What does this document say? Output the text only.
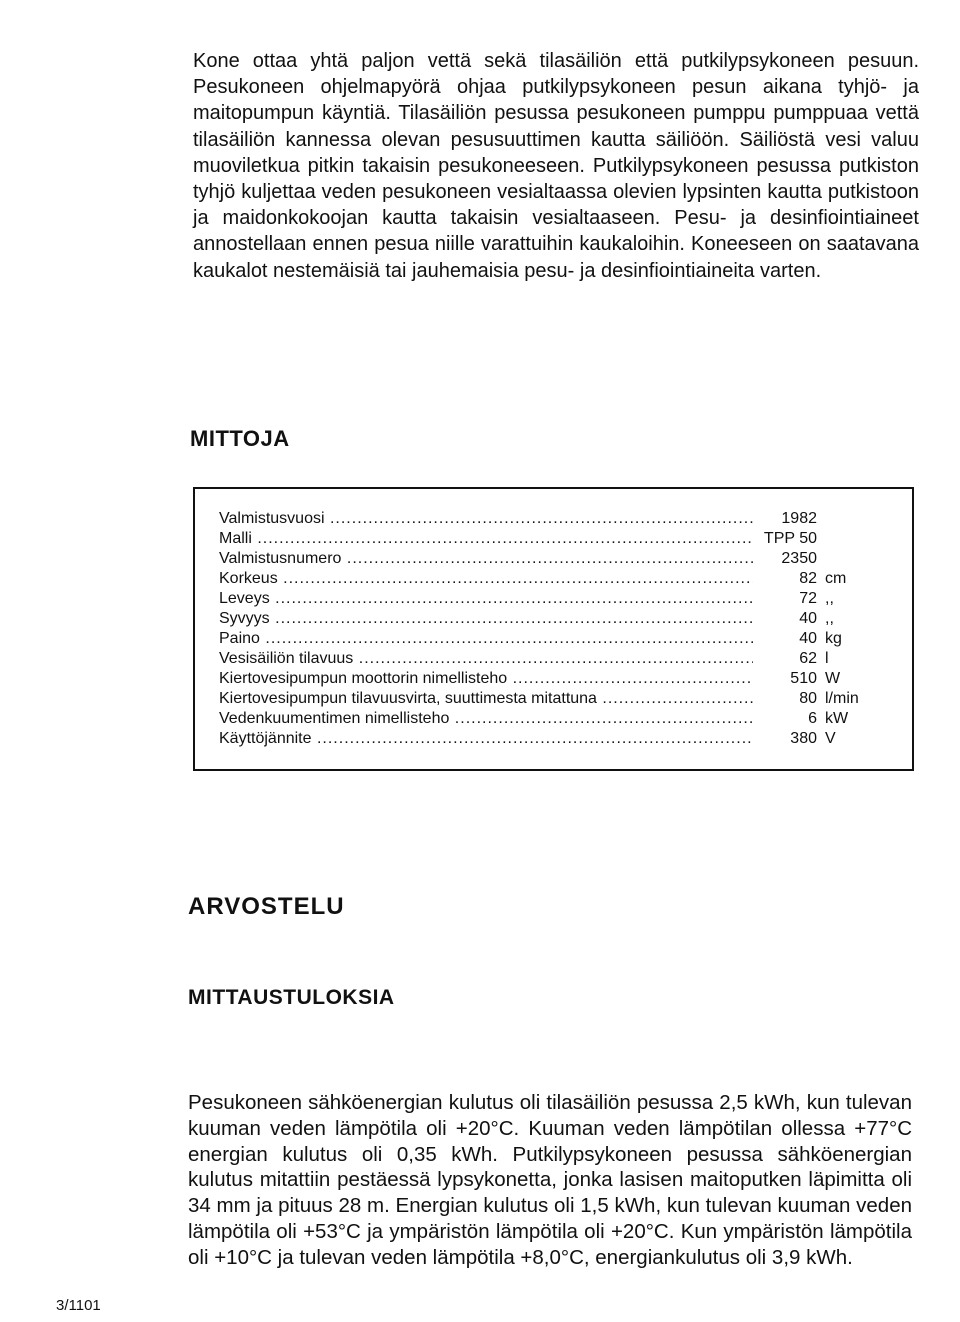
Kone ottaa yhtä paljon vettä sekä tilasäiliön että putkilypsykoneen pesuun. Pesukoneen ohjelmapyörä ohjaa putkilypsykoneen pesun aikana tyhjö- ja maitopumpun käyntiä. Tilasäiliön pesussa pesukoneen pumppu pumppuaa vettä tilasäiliön kannessa olevan pesusuuttimen kautta säiliöön. Säiliöstä vesi valuu muoviletkua pitkin takaisin pesukoneeseen. Putkilypsykoneen pesussa putkiston tyhjö kuljettaa veden pesukoneen vesialtaassa olevien lypsinten kautta putkistoon ja maidonkokoojan kautta takaisin vesialtaaseen. Pesu- ja desinfiointiaineet annostellaan ennen pesua niille varattuihin kaukaloihin. Koneeseen on saatavana kaukalot nestemäisiä tai jauhemaisia pesu- ja desinfiointiaineita varten.

MITTOJA
Valmistusvuosi .....	1982
Malli .....	TPP 50
Valmistusnumero .....	2350
Korkeus .....	82 cm
Leveys .....	72 ,,
Syvyys .....	40 ,,
Paino .....	40 kg
Vesisäiliön tilavuus .....	62 l
Kiertovesipumpun moottorin nimellisteho .....	510 W
Kiertovesipumpun tilavuusvirta, suuttimesta mitattuna .....	80 l/min
Vedenkuumentimen nimellisteho .....	6 kW
Käyttöjännite .....	380 V
ARVOSTELU
MITTAUSTULOKSIA

Pesukoneen sähköenergian kulutus oli tilasäiliön pesussa 2,5 kWh, kun tulevan kuuman veden lämpötila oli +20°C. Kuuman veden lämpötilan ollessa +77°C energian kulutus oli 0,35 kWh. Putkilypsykoneen pesussa sähköenergian kulutus mitattiin pestäessä lypsykonetta, jonka lasisen maitoputken läpimitta oli 34 mm ja pituus 28 m. Energian kulutus oli 1,5 kWh, kun tulevan kuuman veden lämpötila oli +53°C ja ympäristön lämpötila oli +20°C. Kun ympäristön lämpötila oli +10°C ja tulevan veden lämpötila +8,0°C, energiankulutus oli 3,9 kWh.

3/1101
